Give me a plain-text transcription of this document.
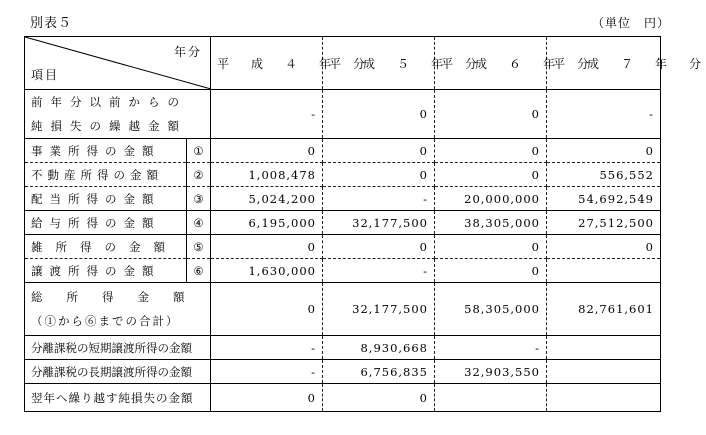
別表５	（単位　円）
年分
項目		平　成　４　年　分	平　成　５　年　分	平　成　６　年　分	平　成　７　年　分

前年分以前からの
純損失の繰越金額		-	0	0	-
事業所得の金額	①	0	0	0	0
不動産所得の金額	②	1,008,478	0	0	556,552
配当所得の金額	③	5,024,200	-	20,000,000	54,692,549
給与所得の金額	④	6,195,000	32,177,500	38,305,000	27,512,500
雑所得の金額	⑤	0	0	0	0
譲渡所得の金額	⑥	1,630,000	-	0	

総所得金額
（①から⑥までの合計）		0	32,177,500	58,305,000	82,761,601
分離課税の短期譲渡所得の金額		-	8,930,668	-	
分離課税の長期譲渡所得の金額		-	6,756,835	32,903,550	
翌年へ繰り越す純損失の金額		0	0		
